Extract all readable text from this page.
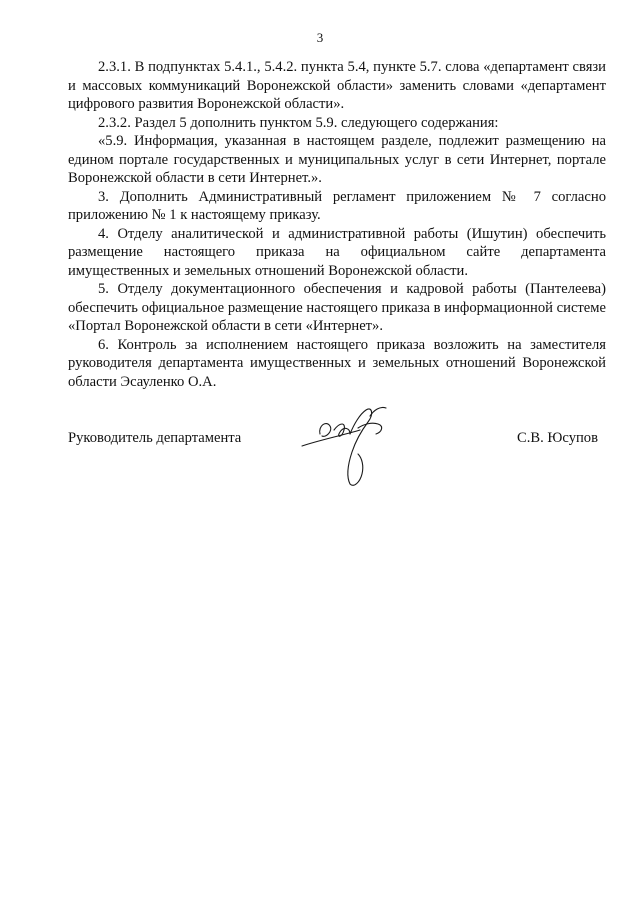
3

2.3.1. В подпунктах 5.4.1., 5.4.2. пункта 5.4, пункте 5.7. слова «департамент связи и массовых коммуникаций Воронежской области» заменить словами «департамент цифрового развития Воронежской области».

2.3.2. Раздел 5 дополнить пунктом 5.9. следующего содержания:

«5.9. Информация, указанная в настоящем разделе, подлежит размещению на едином портале государственных и муниципальных услуг в сети Интернет, портале Воронежской области в сети Интернет.».

3. Дополнить Административный регламент приложением № 7 согласно приложению № 1 к настоящему приказу.

4. Отделу аналитической и административной работы (Ишутин) обеспечить размещение настоящего приказа на официальном сайте департамента имущественных и земельных отношений Воронежской области.

5. Отделу документационного обеспечения и кадровой работы (Пантелеева) обеспечить официальное размещение настоящего приказа в информационной системе «Портал Воронежской области в сети «Интернет».

6. Контроль за исполнением настоящего приказа возложить на заместителя руководителя департамента имущественных и земельных отношений Воронежской области Эсауленко О.А.

Руководитель департамента	С.В. Юсупов
